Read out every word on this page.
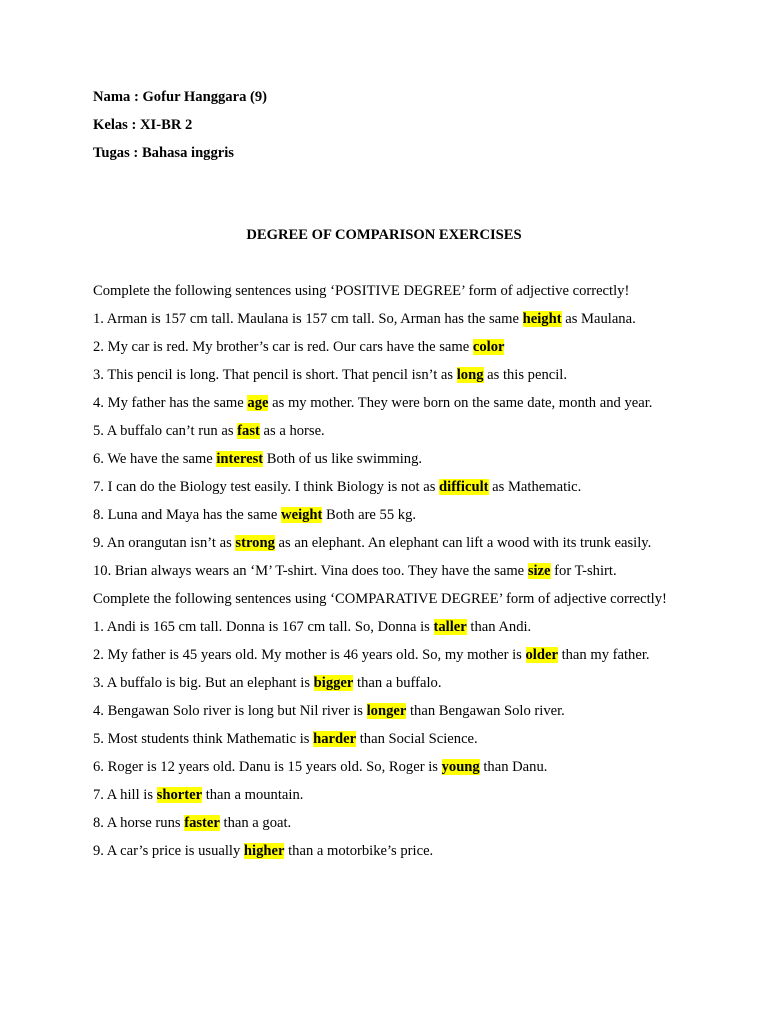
Nama : Gofur Hanggara (9)
Kelas : XI-BR 2
Tugas : Bahasa inggris
DEGREE OF COMPARISON EXERCISES

Complete the following sentences using ‘POSITIVE DEGREE’ form of adjective correctly!

1. Arman is 157 cm tall. Maulana is 157 cm tall. So, Arman has the same height as Maulana.

2. My car is red. My brother’s car is red. Our cars have the same color

3. This pencil is long. That pencil is short. That pencil isn’t as long as this pencil.

4. My father has the same age as my mother. They were born on the same date, month and year.

5. A buffalo can’t run as fast as a horse.

6. We have the same interest Both of us like swimming.

7. I can do the Biology test easily. I think Biology is not as difficult as Mathematic.

8. Luna and Maya has the same weight Both are 55 kg.

9. An orangutan isn’t as strong as an elephant. An elephant can lift a wood with its trunk easily.

10. Brian always wears an ‘M’ T-shirt. Vina does too. They have the same size for T-shirt.

Complete the following sentences using ‘COMPARATIVE DEGREE’ form of adjective correctly!

1. Andi is 165 cm tall. Donna is 167 cm tall. So, Donna is taller than Andi.

2. My father is 45 years old. My mother is 46 years old. So, my mother is older than my father.

3. A buffalo is big. But an elephant is bigger than a buffalo.

4. Bengawan Solo river is long but Nil river is longer than Bengawan Solo river.

5. Most students think Mathematic is harder than Social Science.

6. Roger is 12 years old. Danu is 15 years old. So, Roger is young than Danu.

7. A hill is shorter than a mountain.

8. A horse runs faster than a goat.

9. A car’s price is usually higher than a motorbike’s price.
